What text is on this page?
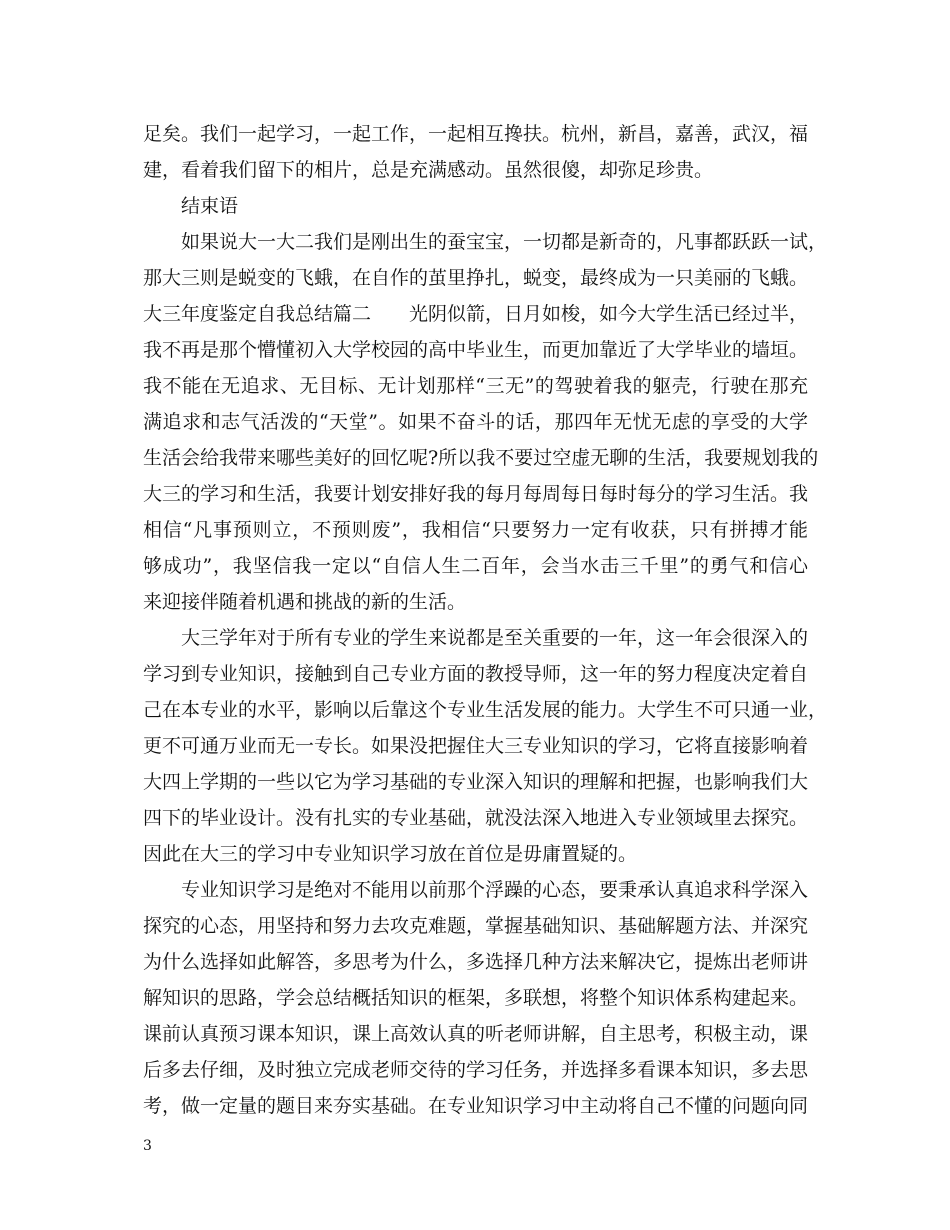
足矣。我们一起学习，一起工作，一起相互搀扶。杭州，新昌，嘉善，武汉，福
建，看着我们留下的相片，总是充满感动。虽然很傻，却弥足珍贵。
结束语
如果说大一大二我们是刚出生的蚕宝宝，一切都是新奇的，凡事都跃跃一试，
那大三则是蜕变的飞蛾，在自作的茧里挣扎，蜕变，最终成为一只美丽的飞蛾。
大三年度鉴定自我总结篇二　　光阴似箭，日月如梭，如今大学生活已经过半，
我不再是那个懵懂初入大学校园的高中毕业生，而更加靠近了大学毕业的墙垣。
我不能在无追求、无目标、无计划那样“三无”的驾驶着我的躯壳，行驶在那充
满追求和志气活泼的“天堂”。如果不奋斗的话，那四年无忧无虑的享受的大学
生活会给我带来哪些美好的回忆呢?所以我不要过空虚无聊的生活，我要规划我的
大三的学习和生活，我要计划安排好我的每月每周每日每时每分的学习生活。我
相信“凡事预则立，不预则废”，我相信“只要努力一定有收获，只有拼搏才能
够成功”，我坚信我一定以“自信人生二百年，会当水击三千里”的勇气和信心
来迎接伴随着机遇和挑战的新的生活。
大三学年对于所有专业的学生来说都是至关重要的一年，这一年会很深入的
学习到专业知识，接触到自己专业方面的教授导师，这一年的努力程度决定着自
己在本专业的水平，影响以后靠这个专业生活发展的能力。大学生不可只通一业，
更不可通万业而无一专长。如果没把握住大三专业知识的学习，它将直接影响着
大四上学期的一些以它为学习基础的专业深入知识的理解和把握，也影响我们大
四下的毕业设计。没有扎实的专业基础，就没法深入地进入专业领域里去探究。
因此在大三的学习中专业知识学习放在首位是毋庸置疑的。
专业知识学习是绝对不能用以前那个浮躁的心态，要秉承认真追求科学深入
探究的心态，用坚持和努力去攻克难题，掌握基础知识、基础解题方法、并深究
为什么选择如此解答，多思考为什么，多选择几种方法来解决它，提炼出老师讲
解知识的思路，学会总结概括知识的框架，多联想，将整个知识体系构建起来。
课前认真预习课本知识，课上高效认真的听老师讲解，自主思考，积极主动，课
后多去仔细，及时独立完成老师交待的学习任务，并选择多看课本知识，多去思
考，做一定量的题目来夯实基础。在专业知识学习中主动将自己不懂的问题向同
3
